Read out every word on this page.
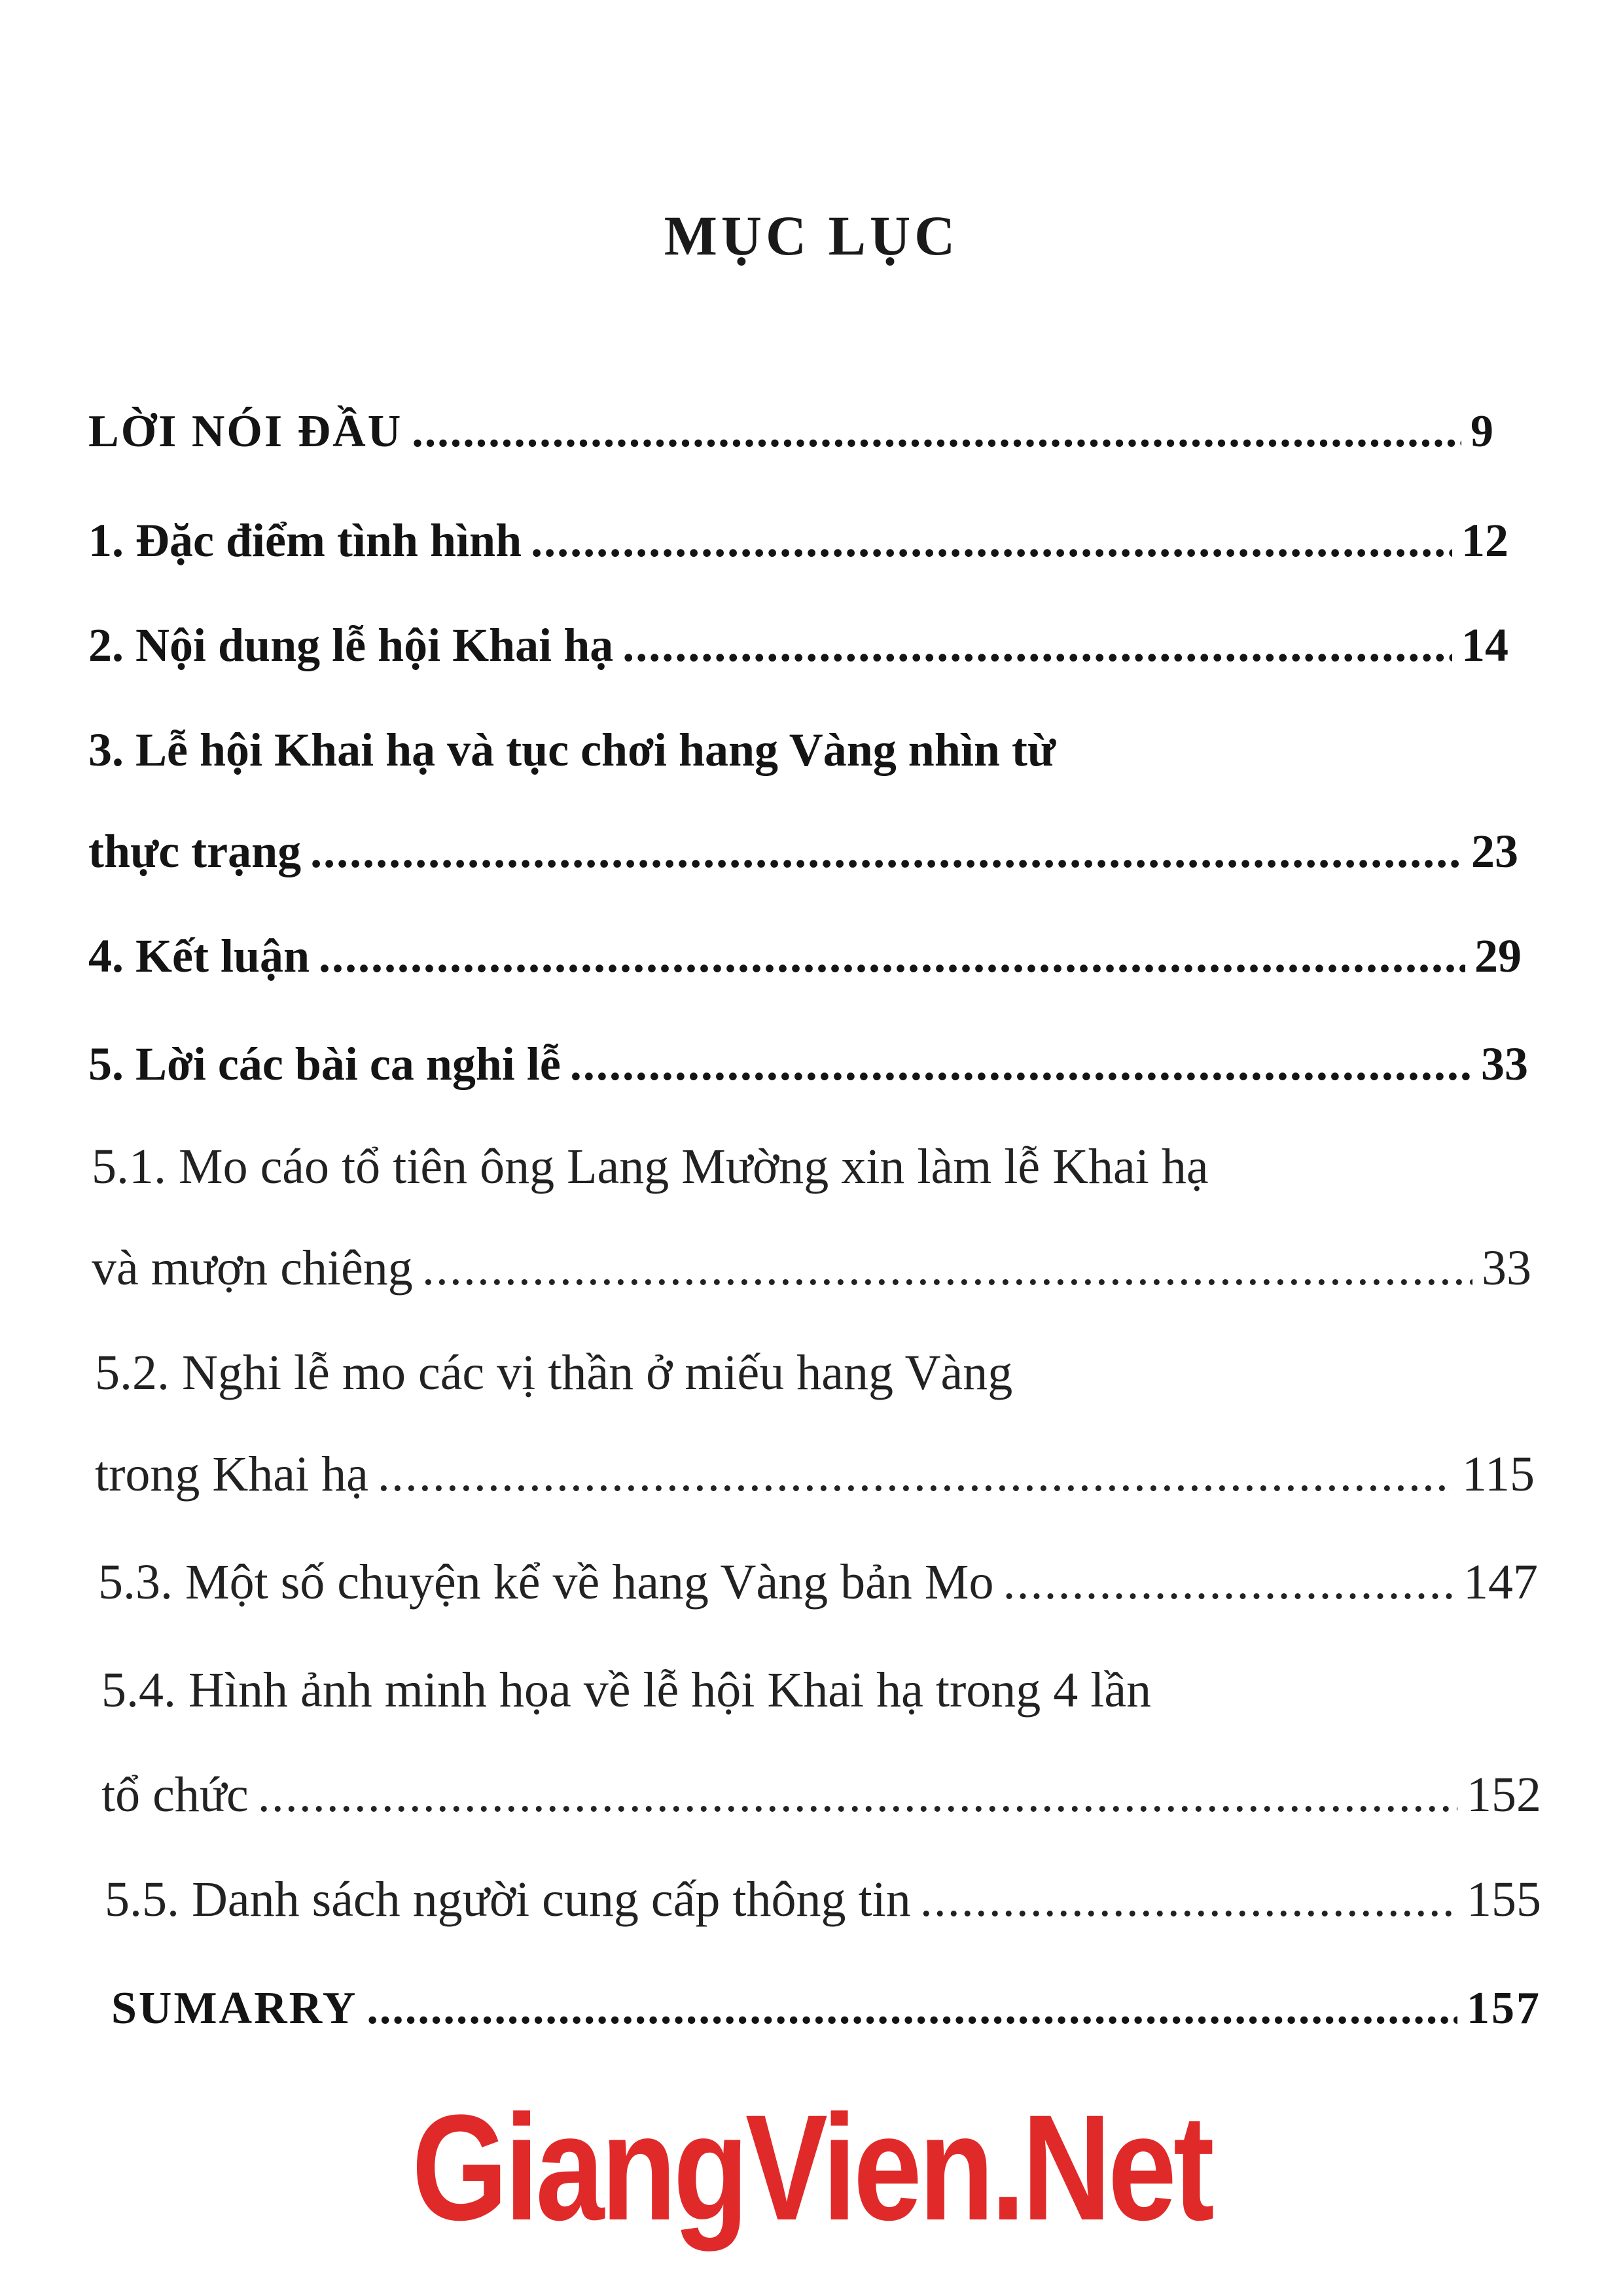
MỤC LỤC
LỜI NÓI ĐẦU .....	9
1. Đặc điểm tình hình .....	12
2. Nội dung lễ hội Khai hạ .....	14
3. Lễ hội Khai hạ và tục chơi hang Vàng nhìn từ
thực trạng .....	23
4. Kết luận .....	29
5. Lời các bài ca nghi lễ .....	33
5.1. Mo cáo tổ tiên ông Lang Mường xin làm lễ Khai hạ
và mượn chiêng .....	33
5.2. Nghi lễ mo các vị thần ở miếu hang Vàng
trong Khai hạ .....	115
5.3. Một số chuyện kể về hang Vàng bản Mo .....	147
5.4. Hình ảnh minh họa về lễ hội Khai hạ trong 4 lần
tổ chức .....	152
5.5. Danh sách người cung cấp thông tin .....	155
SUMARRY .....	157
GiangVien.Net
